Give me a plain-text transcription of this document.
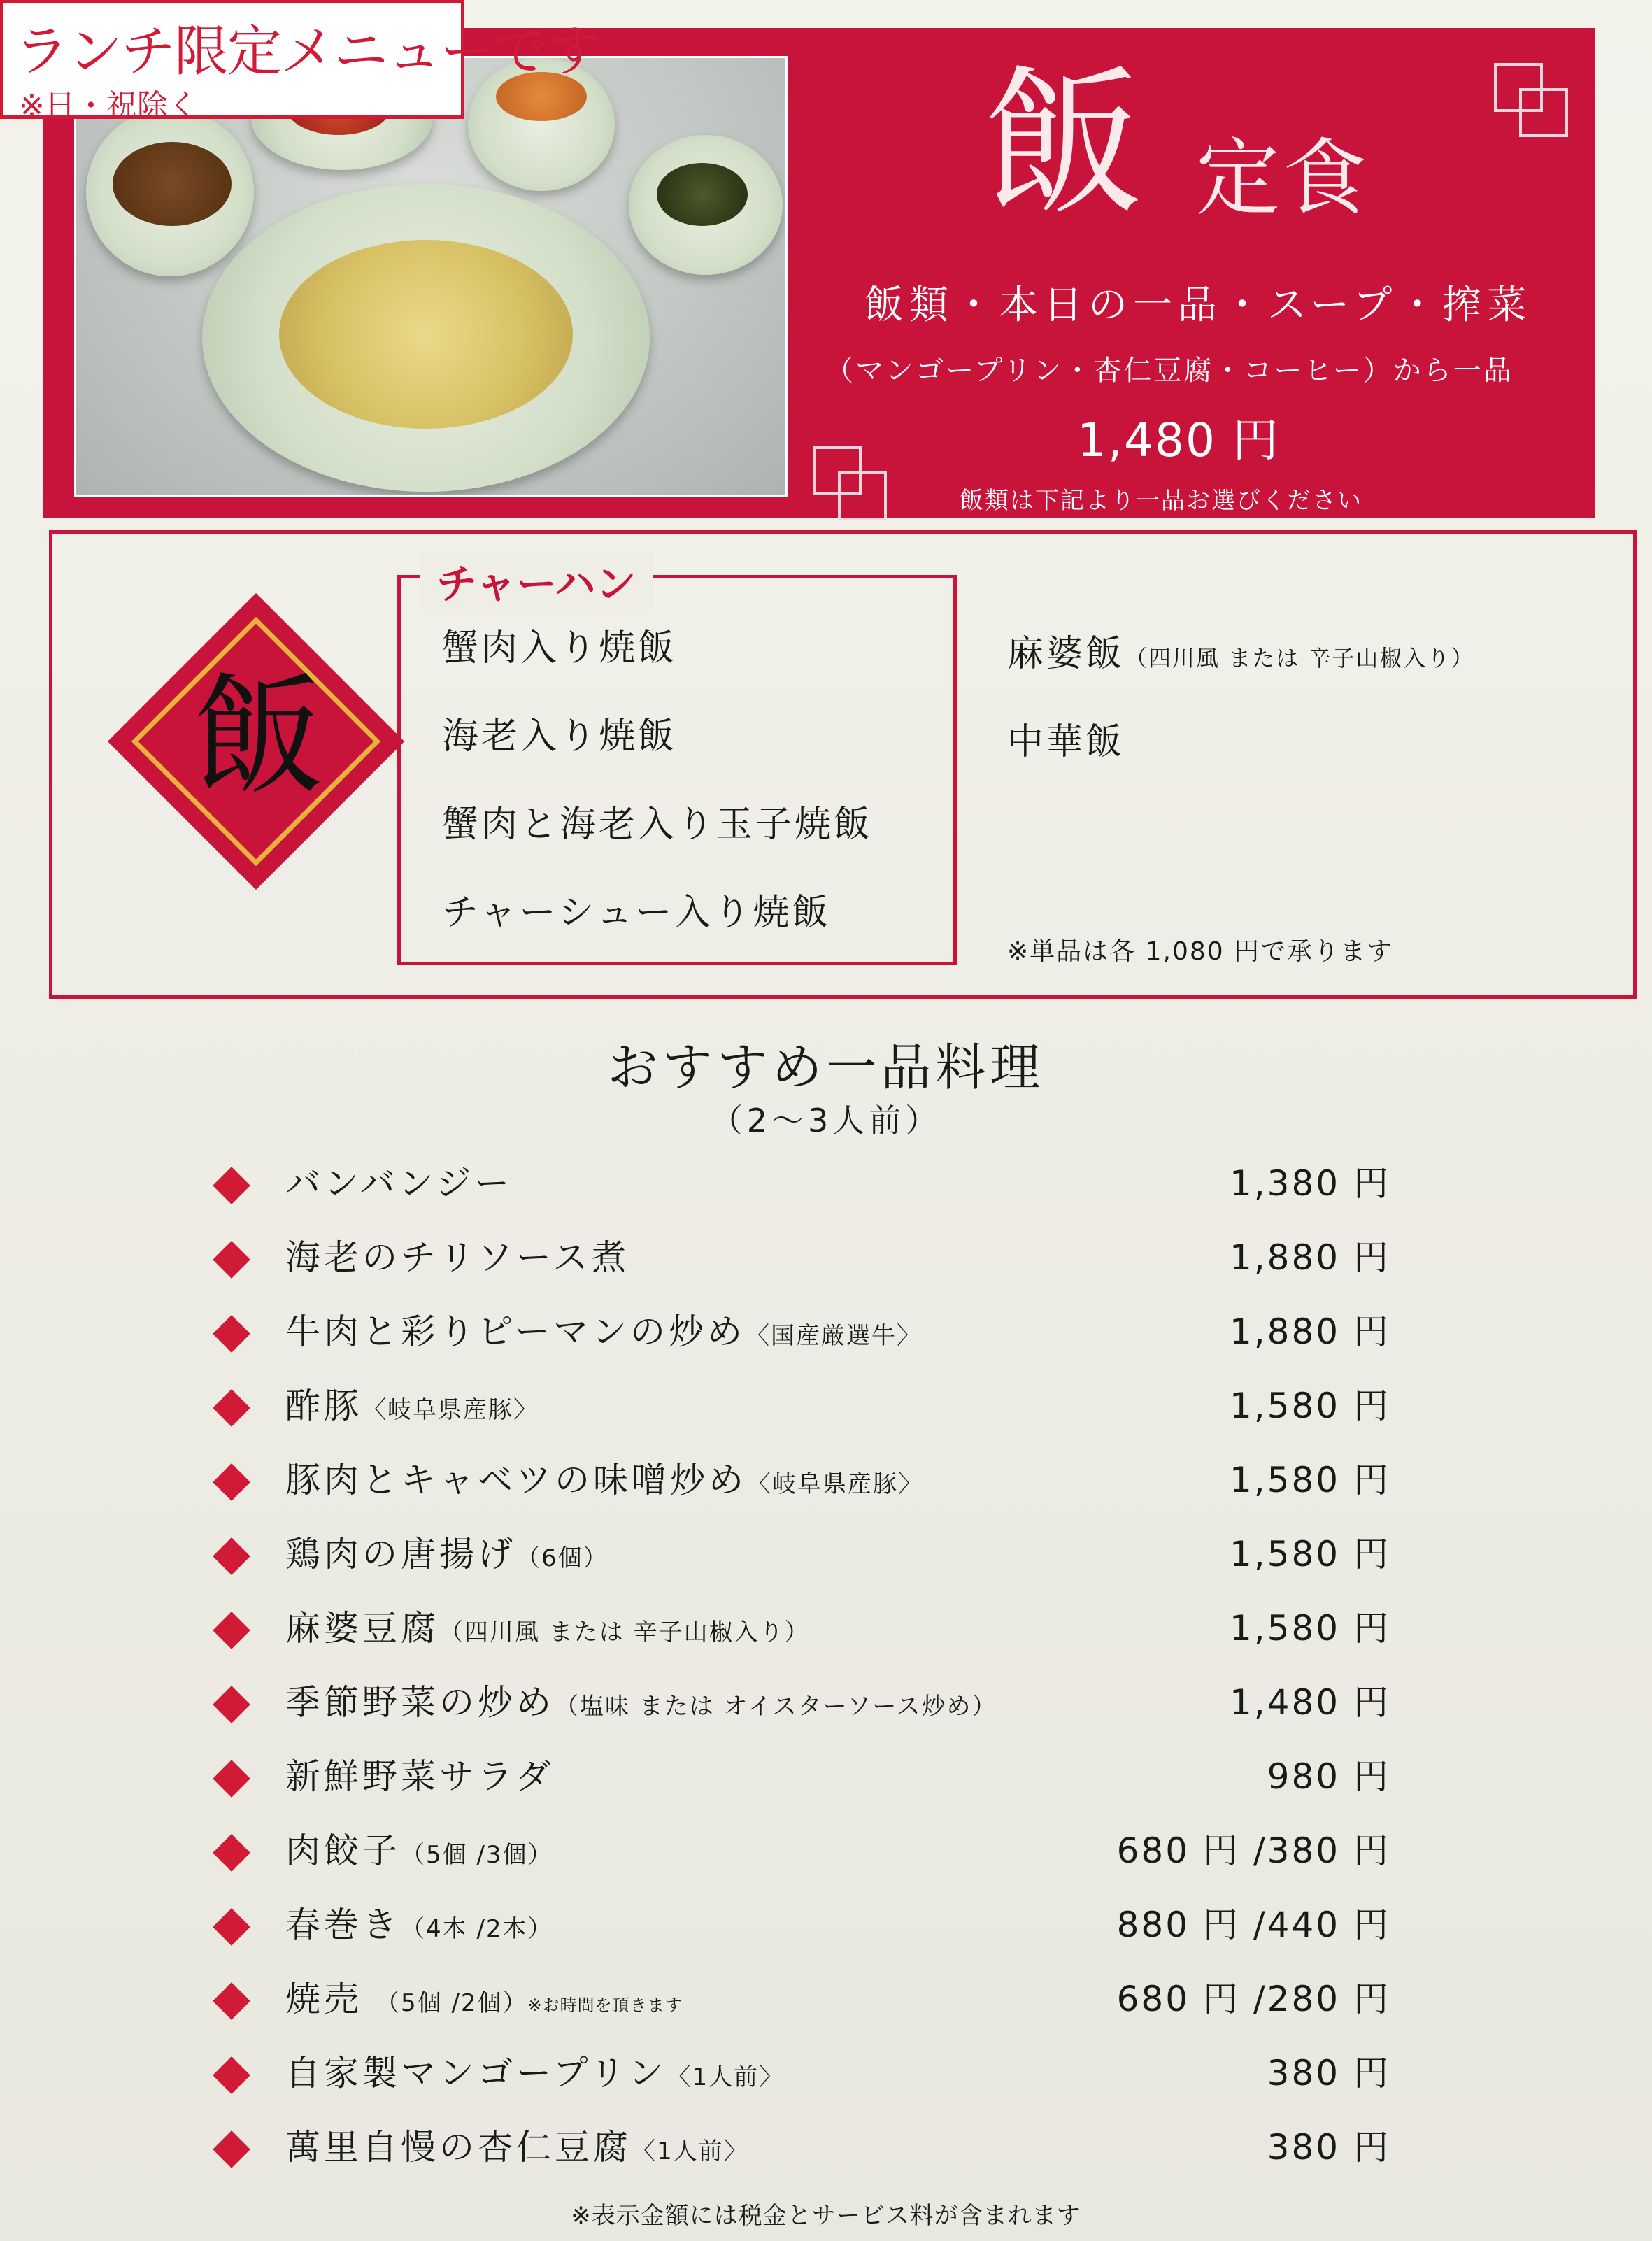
ランチ限定メニューです
※日・祝除く	飯 定食
飯類・本日の一品・スープ・搾菜
（マンゴープリン・杏仁豆腐・コーヒー）から一品
1,480 円
飯類は下記より一品お選びください
飯
チャーハン
蟹肉入り焼飯
海老入り焼飯
蟹肉と海老入り玉子焼飯
チャーシュー入り焼飯
麻婆飯（四川風 または 辛子山椒入り）
中華飯
※単品は各 1,080 円で承ります
おすすめ一品料理
（2～3人前）
バンバンジー	1,380 円
海老のチリソース煮	1,880 円
牛肉と彩りピーマンの炒め〈国産厳選牛〉	1,880 円
酢豚〈岐阜県産豚〉	1,580 円
豚肉とキャベツの味噌炒め〈岐阜県産豚〉	1,580 円
鶏肉の唐揚げ（6個）	1,580 円
麻婆豆腐（四川風 または 辛子山椒入り）	1,580 円
季節野菜の炒め（塩味 または オイスターソース炒め）	1,480 円
新鮮野菜サラダ	980 円
肉餃子（5個 /3個）	680 円 /380 円
春巻き（4本 /2本）	880 円 /440 円
焼売　（5個 /2個）※お時間を頂きます	680 円 /280 円
自家製マンゴープリン〈1人前〉	380 円
萬里自慢の杏仁豆腐〈1人前〉	380 円
※表示金額には税金とサービス料が含まれます
